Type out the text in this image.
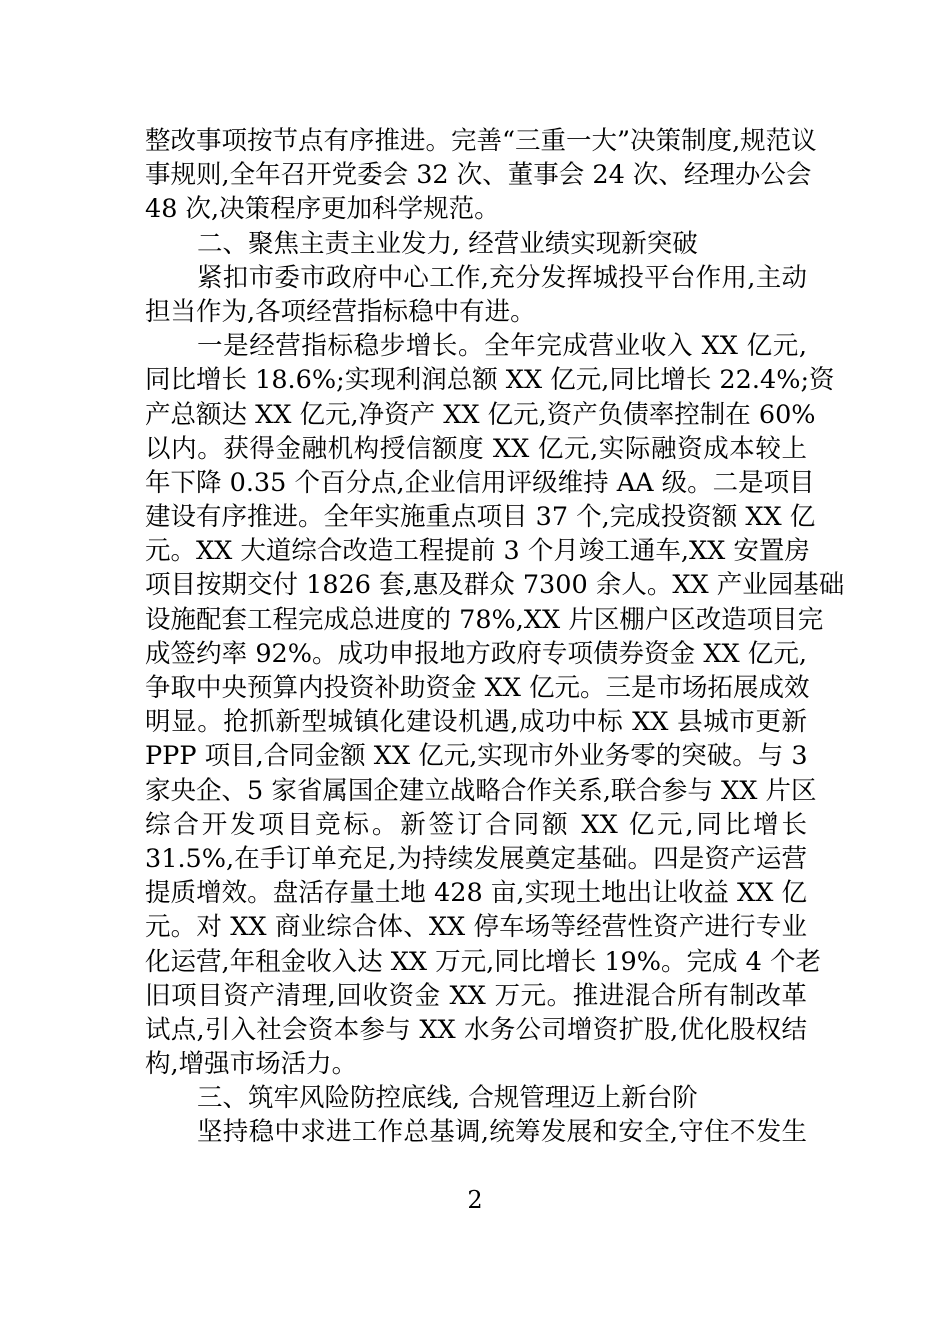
整改事项按节点有序推进。完善“三重一大”决策制度,规范议
事规则,全年召开党委会 32 次、董事会 24 次、经理办公会
48 次,决策程序更加科学规范。
二、聚焦主责主业发力, 经营业绩实现新突破
紧扣市委市政府中心工作,充分发挥城投平台作用,主动
担当作为,各项经营指标稳中有进。
一是经营指标稳步增长。全年完成营业收入 XX 亿元,
同比增长 18.6%;实现利润总额 XX 亿元,同比增长 22.4%;资
产总额达 XX 亿元,净资产 XX 亿元,资产负债率控制在 60%
以内。获得金融机构授信额度 XX 亿元,实际融资成本较上
年下降 0.35 个百分点,企业信用评级维持 AA 级。二是项目
建设有序推进。全年实施重点项目 37 个,完成投资额 XX 亿
元。XX 大道综合改造工程提前 3 个月竣工通车,XX 安置房
项目按期交付 1826 套,惠及群众 7300 余人。XX 产业园基础
设施配套工程完成总进度的 78%,XX 片区棚户区改造项目完
成签约率 92%。成功申报地方政府专项债券资金 XX 亿元,
争取中央预算内投资补助资金 XX 亿元。三是市场拓展成效
明显。抢抓新型城镇化建设机遇,成功中标 XX 县城市更新
PPP 项目,合同金额 XX 亿元,实现市外业务零的突破。与 3
家央企、5 家省属国企建立战略合作关系,联合参与 XX 片区
综合开发项目竞标。新签订合同额 XX 亿元,同比增长
31.5%,在手订单充足,为持续发展奠定基础。四是资产运营
提质增效。盘活存量土地 428 亩,实现土地出让收益 XX 亿
元。对 XX 商业综合体、XX 停车场等经营性资产进行专业
化运营,年租金收入达 XX 万元,同比增长 19%。完成 4 个老
旧项目资产清理,回收资金 XX 万元。推进混合所有制改革
试点,引入社会资本参与 XX 水务公司增资扩股,优化股权结
构,增强市场活力。
三、筑牢风险防控底线, 合规管理迈上新台阶
坚持稳中求进工作总基调,统筹发展和安全,守住不发生
2
